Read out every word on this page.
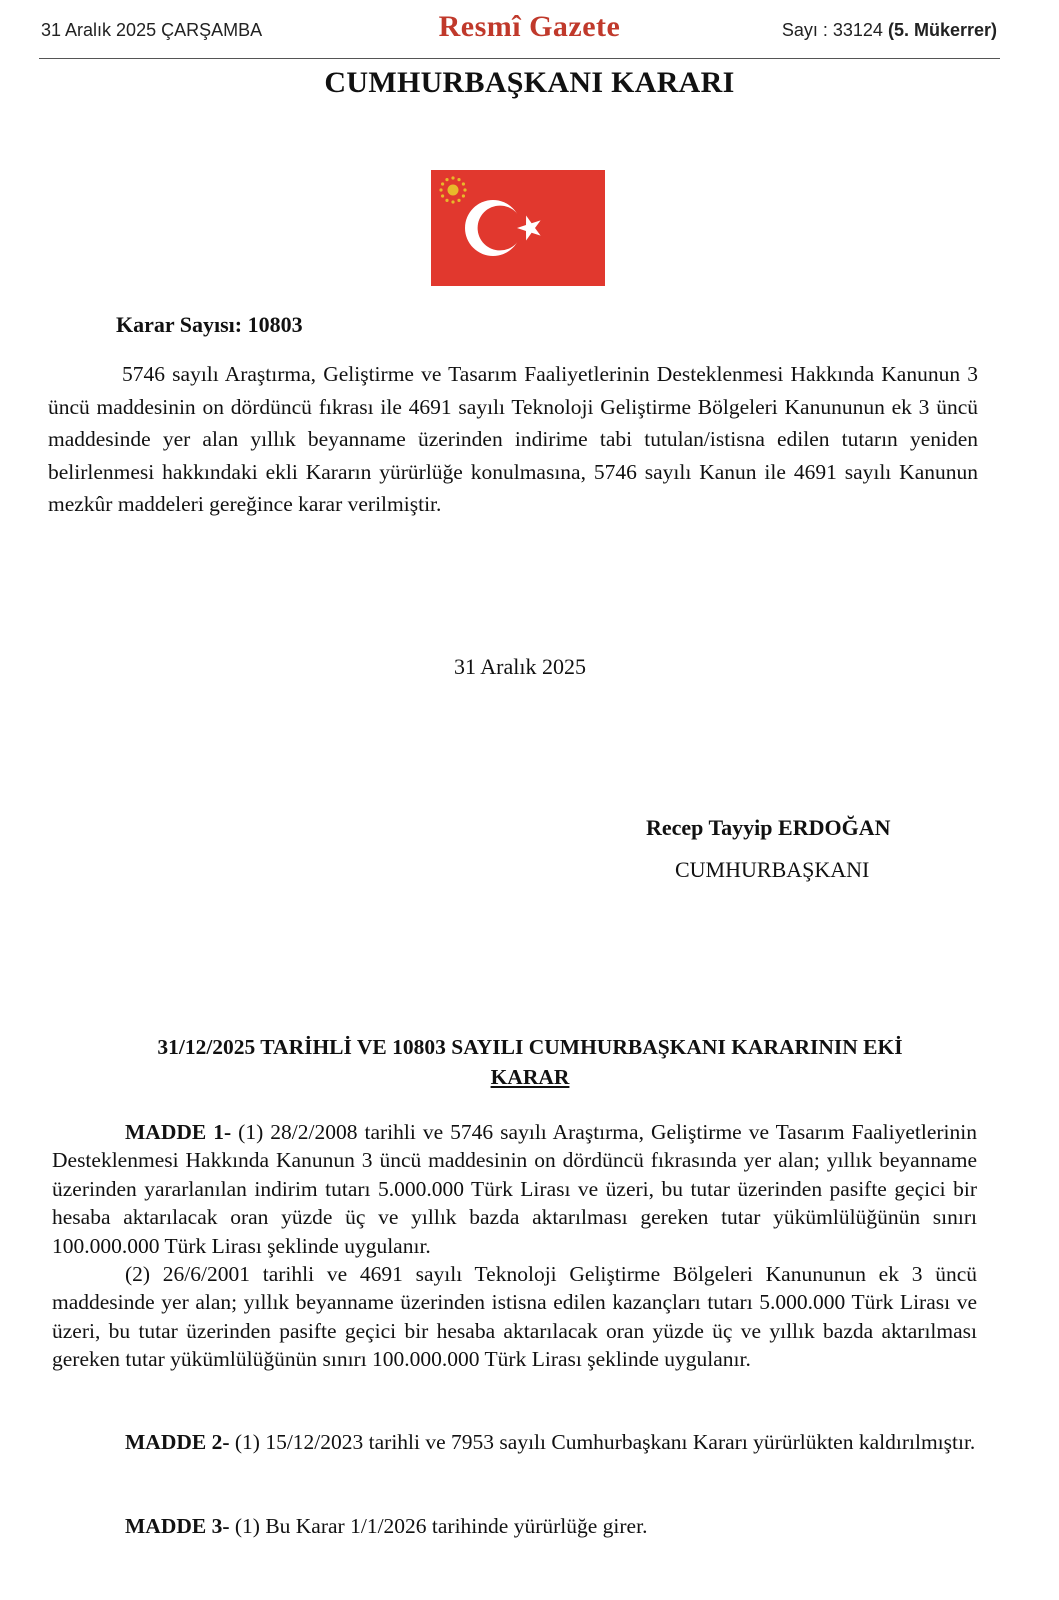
31 Aralık 2025 ÇARŞAMBA	Resmî Gazete	Sayı : 33124 (5. Mükerrer)
CUMHURBAŞKANI KARARI
Karar Sayısı: 10803
5746 sayılı Araştırma, Geliştirme ve Tasarım Faaliyetlerinin Desteklenmesi Hakkında Kanunun 3 üncü maddesinin on dördüncü fıkrası ile 4691 sayılı Teknoloji Geliştirme Bölgeleri Kanununun ek 3 üncü maddesinde yer alan yıllık beyanname üzerinden indirime tabi tutulan/istisna edilen tutarın yeniden belirlenmesi hakkındaki ekli Kararın yürürlüğe konulmasına, 5746 sayılı Kanun ile 4691 sayılı Kanunun mezkûr maddeleri gereğince karar verilmiştir.
31 Aralık 2025
Recep Tayyip ERDOĞAN
CUMHURBAŞKANI
31/12/2025 TARİHLİ VE 10803 SAYILI CUMHURBAŞKANI KARARININ EKİ
KARAR
MADDE 1- (1) 28/2/2008 tarihli ve 5746 sayılı Araştırma, Geliştirme ve Tasarım Faaliyetlerinin Desteklenmesi Hakkında Kanunun 3 üncü maddesinin on dördüncü fıkrasında yer alan; yıllık beyanname üzerinden yararlanılan indirim tutarı 5.000.000 Türk Lirası ve üzeri, bu tutar üzerinden pasifte geçici bir hesaba aktarılacak oran yüzde üç ve yıllık bazda aktarılması gereken tutar yükümlülüğünün sınırı 100.000.000 Türk Lirası şeklinde uygulanır.
(2) 26/6/2001 tarihli ve 4691 sayılı Teknoloji Geliştirme Bölgeleri Kanununun ek 3 üncü maddesinde yer alan; yıllık beyanname üzerinden istisna edilen kazançları tutarı 5.000.000 Türk Lirası ve üzeri, bu tutar üzerinden pasifte geçici bir hesaba aktarılacak oran yüzde üç ve yıllık bazda aktarılması gereken tutar yükümlülüğünün sınırı 100.000.000 Türk Lirası şeklinde uygulanır.
MADDE 2- (1) 15/12/2023 tarihli ve 7953 sayılı Cumhurbaşkanı Kararı yürürlükten kaldırılmıştır.
MADDE 3- (1) Bu Karar 1/1/2026 tarihinde yürürlüğe girer.
